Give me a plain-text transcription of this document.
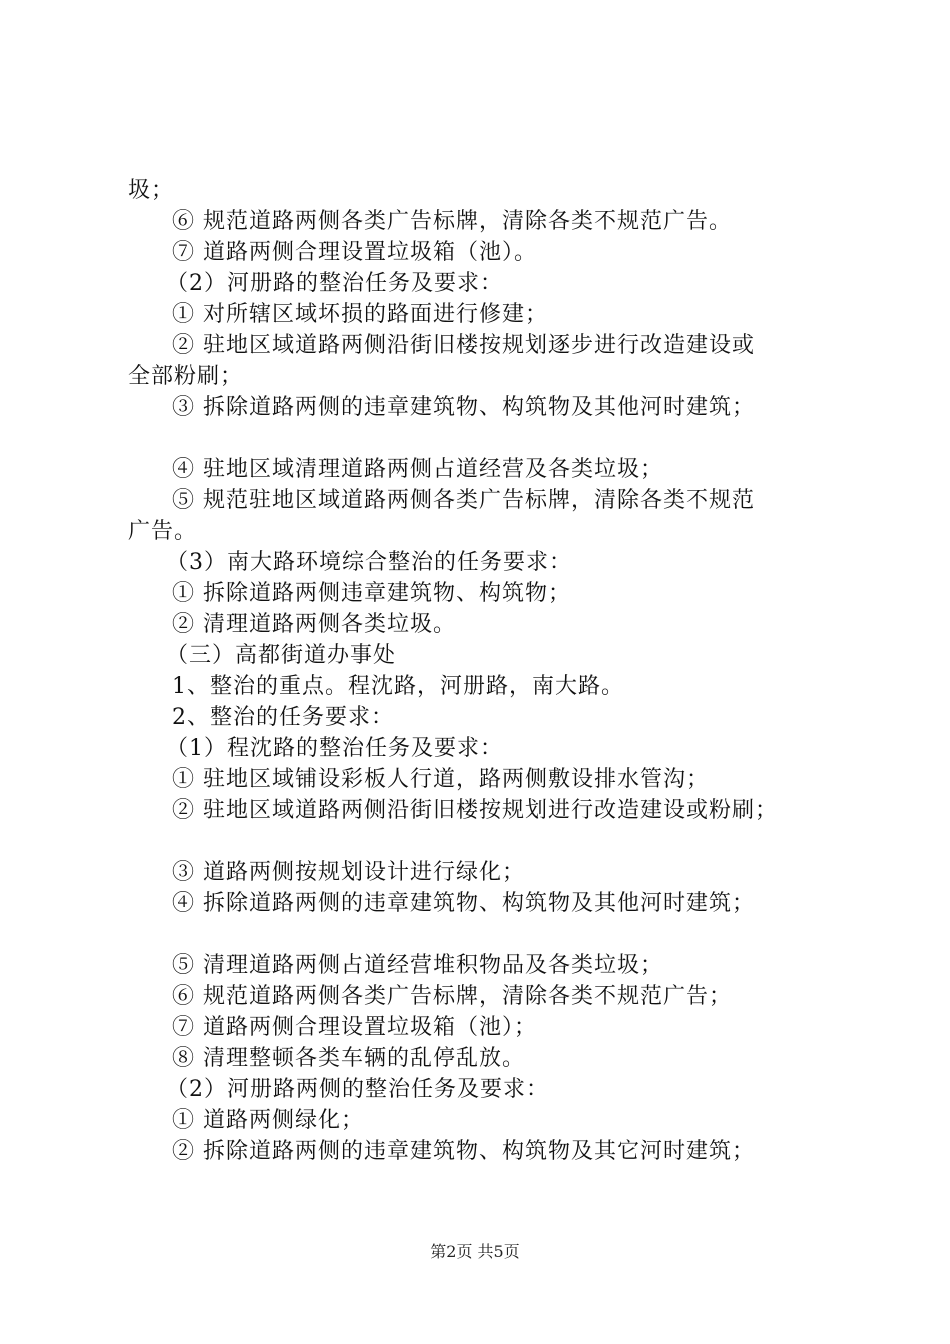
圾；
⑥ 规范道路两侧各类广告标牌，清除各类不规范广告。
⑦ 道路两侧合理设置垃圾箱（池）。
（2）河册路的整治任务及要求：
① 对所辖区域坏损的路面进行修建；
② 驻地区域道路两侧沿街旧楼按规划逐步进行改造建设或
全部粉刷；
③ 拆除道路两侧的违章建筑物、构筑物及其他河时建筑；
④ 驻地区域清理道路两侧占道经营及各类垃圾；
⑤ 规范驻地区域道路两侧各类广告标牌，清除各类不规范
广告。
（3）南大路环境综合整治的任务要求：
① 拆除道路两侧违章建筑物、构筑物；
② 清理道路两侧各类垃圾。
（三）高都街道办事处
1、整治的重点。程沈路，河册路，南大路。
2、整治的任务要求：
（1）程沈路的整治任务及要求：
① 驻地区域铺设彩板人行道，路两侧敷设排水管沟；
② 驻地区域道路两侧沿街旧楼按规划进行改造建设或粉刷；
③ 道路两侧按规划设计进行绿化；
④ 拆除道路两侧的违章建筑物、构筑物及其他河时建筑；
⑤ 清理道路两侧占道经营堆积物品及各类垃圾；
⑥ 规范道路两侧各类广告标牌，清除各类不规范广告；
⑦ 道路两侧合理设置垃圾箱（池）；
⑧ 清理整顿各类车辆的乱停乱放。
（2）河册路两侧的整治任务及要求：
① 道路两侧绿化；
② 拆除道路两侧的违章建筑物、构筑物及其它河时建筑；
第2页 共5页
